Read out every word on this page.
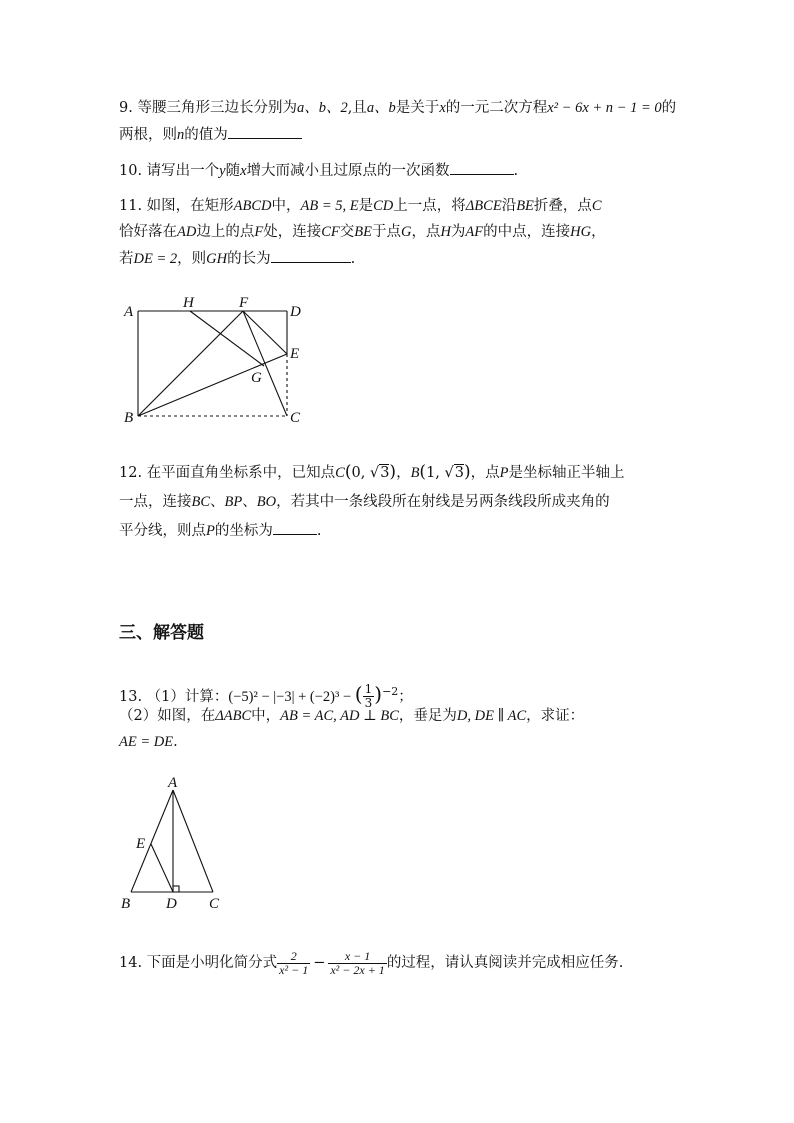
9. 等腰三角形三边长分别为a、b、2,且a、b是关于x的一元二次方程x² − 6x + n − 1 = 0的
两根，则n的值为
10. 请写出一个y随x增大而减小且过原点的一次函数	.
11. 如图，在矩形ABCD中，AB = 5, E是CD上一点，将ΔBCE沿BE折叠，点C
恰好落在AD边上的点F处，连接CF交BE于点G，点H为AF的中点，连接HG，
若DE = 2，则GH的长为	.
A
H	F
D
E
G
B	C
12. 在平面直角坐标系中，已知点C(0, √3)，B(1, √3)，点P是坐标轴正半轴上
一点，连接BC、BP、BO，若其中一条线段所在射线是另两条线段所成夹角的
平分线，则点P的坐标为	.
三、解答题
13. （1）计算：(−5)² − |−3| + (−2)³ − ( $\frac{1}{3} )^{-2}$；
（2）如图，在ΔABC中，AB = AC, AD ⊥ BC，垂足为D, DE ∥ AC，求证：
AE = DE.
A
E
B D C
14. 下面是小明化简分式 $\frac{2}{\text{x² − 1}} - \frac{x - 1}{\text{x² − 2x + 1}}$ 的过程，请认真阅读并完成相应任务.
